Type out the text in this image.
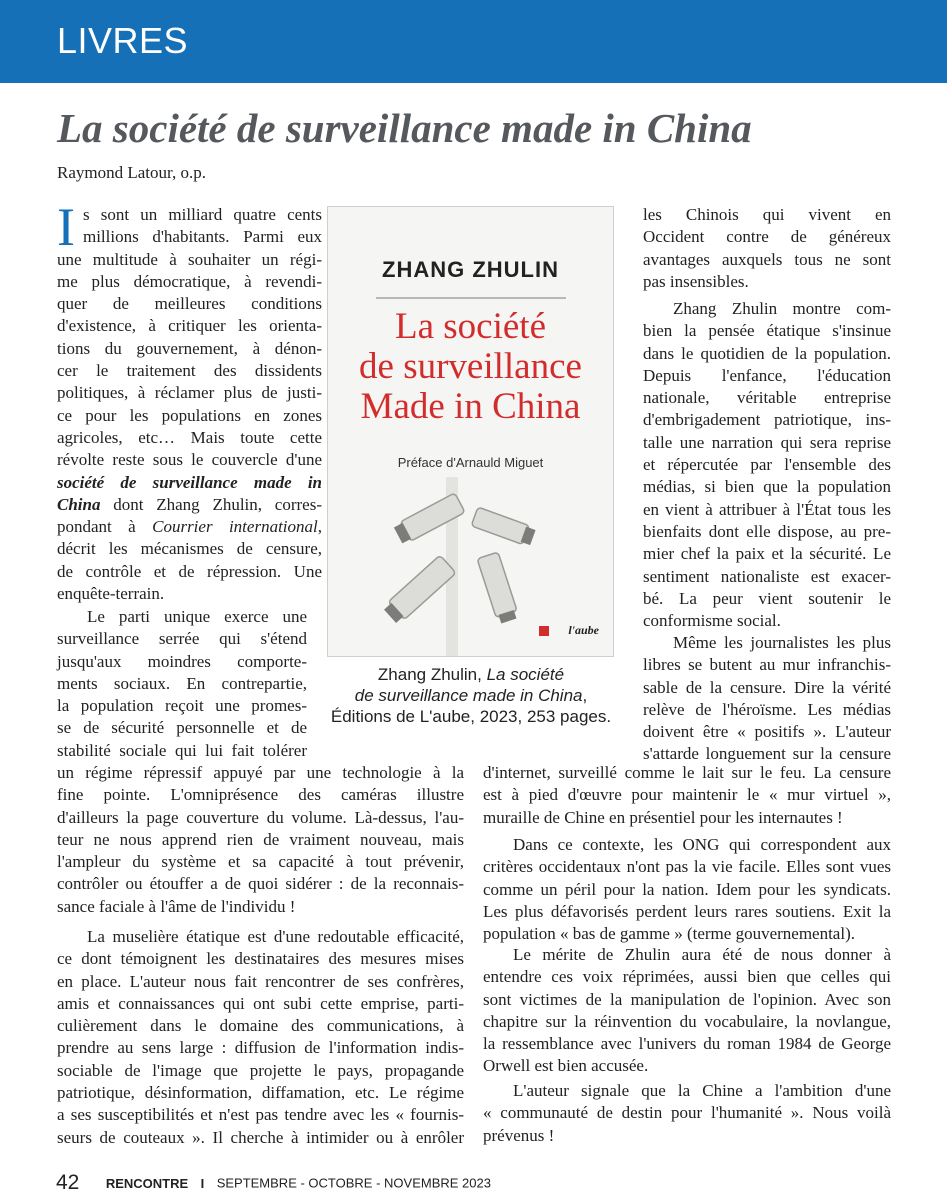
LIVRES
La société de surveillance made in China
Raymond Latour, o.p.
I s sont un milliard quatre cents
millions d'habitants. Parmi eux
une multitude à souhaiter un régi-
me plus démocratique, à revendi-
quer de meilleures conditions
d'existence, à critiquer les orienta-
tions du gouvernement, à dénon-
cer le traitement des dissidents
politiques, à réclamer plus de justi-
ce pour les populations en zones
agricoles, etc… Mais toute cette
révolte reste sous le couvercle d'une
société de surveillance made in
China dont Zhang Zhulin, corres-
pondant à Courrier international,
décrit les mécanismes de censure,
de contrôle et de répression. Une
enquête-terrain.
Le parti unique exerce une
surveillance serrée qui s'étend
jusqu'aux moindres comporte-
ments sociaux. En contrepartie,
la population reçoit une promes-
se de sécurité personnelle et de
stabilité sociale qui lui fait tolérer
un régime répressif appuyé par une technologie à la
fine pointe. L'omniprésence des caméras illustre
d'ailleurs la page couverture du volume. Là-dessus, l'au-
teur ne nous apprend rien de vraiment nouveau, mais
l'ampleur du système et sa capacité à tout prévenir,
contrôler ou étouffer a de quoi sidérer : de la reconnais-
sance faciale à l'âme de l'individu !
La muselière étatique est d'une redoutable efficacité,
ce dont témoignent les destinataires des mesures mises
en place. L'auteur nous fait rencontrer de ses confrères,
amis et connaissances qui ont subi cette emprise, parti-
culièrement dans le domaine des communications, à
prendre au sens large : diffusion de l'information indis-
sociable de l'image que projette le pays, propagande
patriotique, désinformation, diffamation, etc. Le régime
a ses susceptibilités et n'est pas tendre avec les « fournis-
seurs de couteaux ». Il cherche à intimider ou à enrôler
les Chinois qui vivent en
Occident contre de généreux
avantages auxquels tous ne sont
pas insensibles.
Zhang Zhulin montre com-
bien la pensée étatique s'insinue
dans le quotidien de la population.
Depuis l'enfance, l'éducation
nationale, véritable entreprise
d'embrigadement patriotique, ins-
talle une narration qui sera reprise
et répercutée par l'ensemble des
médias, si bien que la population
en vient à attribuer à l'État tous les
bienfaits dont elle dispose, au pre-
mier chef la paix et la sécurité. Le
sentiment nationaliste est exacer-
bé. La peur vient soutenir le
conformisme social.
Même les journalistes les plus
libres se butent au mur infranchis-
sable de la censure. Dire la vérité
relève de l'héroïsme. Les médias
doivent être « positifs ». L'auteur
s'attarde longuement sur la censure
d'internet, surveillé comme le lait sur le feu. La censure
est à pied d'œuvre pour maintenir le « mur virtuel »,
muraille de Chine en présentiel pour les internautes !
Dans ce contexte, les ONG qui correspondent aux
critères occidentaux n'ont pas la vie facile. Elles sont vues
comme un péril pour la nation. Idem pour les syndicats.
Les plus défavorisés perdent leurs rares soutiens. Exit la
population « bas de gamme » (terme gouvernemental).
Le mérite de Zhulin aura été de nous donner à
entendre ces voix réprimées, aussi bien que celles qui
sont victimes de la manipulation de l'opinion. Avec son
chapitre sur la réinvention du vocabulaire, la novlangue,
la ressemblance avec l'univers du roman 1984 de George
Orwell est bien accusée.
L'auteur signale que la Chine a l'ambition d'une
« communauté de destin pour l'humanité ». Nous voilà
prévenus !
ZHANG ZHULIN
La société
de surveillance
Made in China
Préface d'Arnauld Miguet
l'aube
Zhang Zhulin, La société
de surveillance made in China,
Éditions de L'aube, 2023, 253 pages.
42 RENCONTRE I SEPTEMBRE - OCTOBRE - NOVEMBRE 2023
